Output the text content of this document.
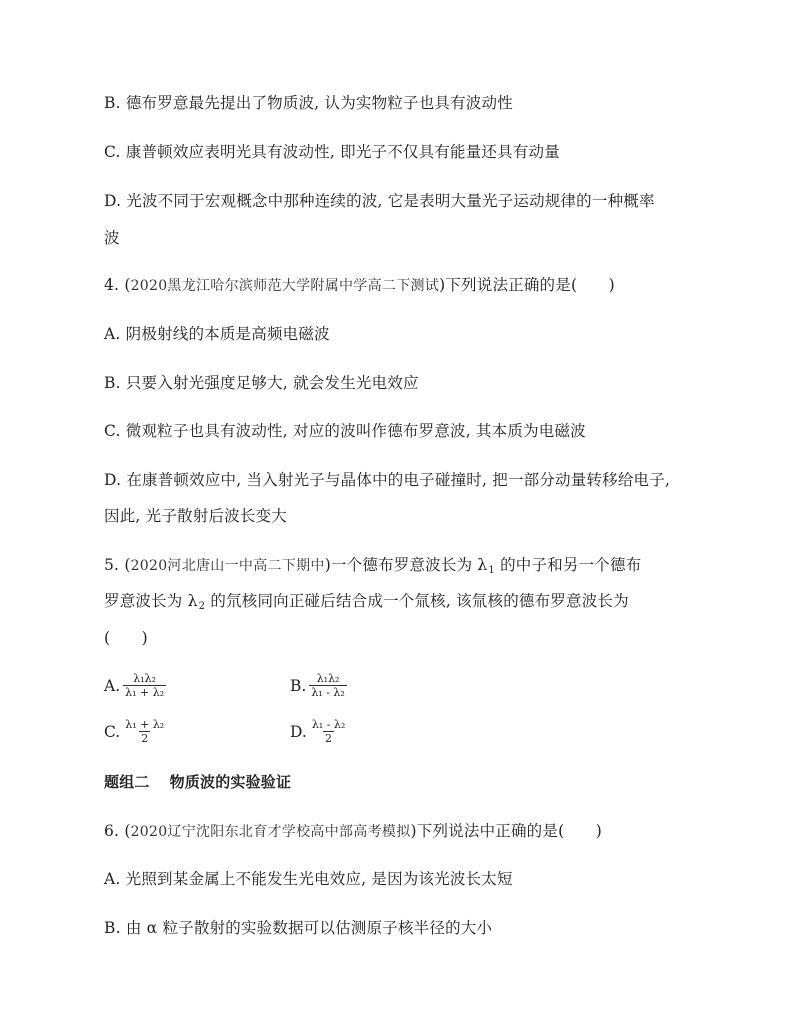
B. 德布罗意最先提出了物质波, 认为实物粒子也具有波动性
C. 康普顿效应表明光具有波动性, 即光子不仅具有能量还具有动量
D. 光波不同于宏观概念中那种连续的波, 它是表明大量光子运动规律的一种概率
波
4. (2020黑龙江哈尔滨师范大学附属中学高二下测试)下列说法正确的是(　　)
A. 阴极射线的本质是高频电磁波
B. 只要入射光强度足够大, 就会发生光电效应
C. 微观粒子也具有波动性, 对应的波叫作德布罗意波, 其本质为电磁波
D. 在康普顿效应中, 当入射光子与晶体中的电子碰撞时, 把一部分动量转移给电子,
因此, 光子散射后波长变大
5. (2020河北唐山一中高二下期中)一个德布罗意波长为 $\lambda_1$ 的中子和另一个德布
罗意波长为 $\lambda_2$ 的氘核同向正碰后结合成一个氚核, 该氚核的德布罗意波长为
(　　)
A. $\frac{\text{λ₁λ₂}}{\text{λ₁ + λ₂}}$	B. $\frac{\text{λ₁λ₂}}{\text{λ₁ - λ₂}}$
C. $\frac{\text{λ₁ + λ₂}}{2}$	D. $\frac{\text{λ₁ - λ₂}}{2}$
题组二 物质波的实验验证
6. (2020辽宁沈阳东北育才学校高中部高考模拟)下列说法中正确的是(　　)
A. 光照到某金属上不能发生光电效应, 是因为该光波长太短
B. 由 α 粒子散射的实验数据可以估测原子核半径的大小
